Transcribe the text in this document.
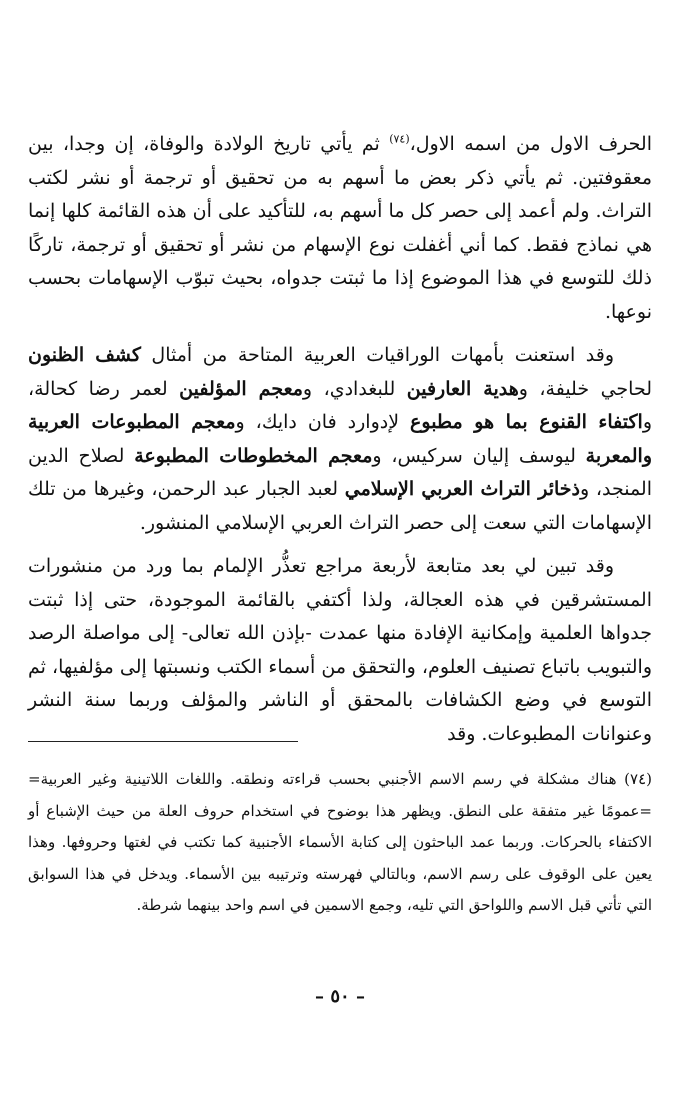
الحرف الاول من اسمه الاول،$^{(٧٤)}$ ثم يأتي تاريخ الولادة والوفاة، إن وجدا، بين معقوفتين. ثم يأتي ذكر بعض ما أسهم به من تحقيق أو ترجمة أو نشر لكتب التراث. ولم أعمد إلى حصر كل ما أسهم به، للتأكيد على أن هذه القائمة كلها إنما هي نماذج فقط. كما أني أغفلت نوع الإسهام من نشر أو تحقيق أو ترجمة، تاركًا ذلك للتوسع في هذا الموضوع إذا ما ثبتت جدواه، بحيث تبوّب الإسهامات بحسب نوعها.

وقد استعنت بأمهات الوراقيات العربية المتاحة من أمثال كشف الظنون لحاجي خليفة، وهدية العارفين للبغدادي، ومعجم المؤلفين لعمر رضا كحالة، واكتفاء القنوع بما هو مطبوع لإدوارد فان دايك، ومعجم المطبوعات العربية والمعربة ليوسف إليان سركيس، ومعجم المخطوطات المطبوعة لصلاح الدين المنجد، وذخائر التراث العربي الإسلامي لعبد الجبار عبد الرحمن، وغيرها من تلك الإسهامات التي سعت إلى حصر التراث العربي الإسلامي المنشور.

وقد تبين لي بعد متابعة لأربعة مراجع تعذُّر الإلمام بما ورد من منشورات المستشرقين في هذه العجالة، ولذا أكتفي بالقائمة الموجودة، حتى إذا ثبتت جدواها العلمية وإمكانية الإفادة منها عمدت -بإذن الله تعالى- إلى مواصلة الرصد والتبويب باتباع تصنيف العلوم، والتحقق من أسماء الكتب ونسبتها إلى مؤلفيها، ثم التوسع في وضع الكشافات بالمحقق أو الناشر والمؤلف وربما سنة النشر وعنوانات المطبوعات. وقد

(٧٤) هناك مشكلة في رسم الاسم الأجنبي بحسب قراءته ونطقه. واللغات اللاتينية وغير العربية= =عمومًا غير متفقة على النطق. ويظهر هذا بوضوح في استخدام حروف العلة من حيث الإشباع أو الاكتفاء بالحركات. وربما عمد الباحثون إلى كتابة الأسماء الأجنبية كما تكتب في لغتها وحروفها. وهذا يعين على الوقوف على رسم الاسم، وبالتالي فهرسته وترتيبه بين الأسماء. ويدخل في هذا السوابق التي تأتي قبل الاسم واللواحق التي تليه، وجمع الاسمين في اسم واحد بينهما شرطة.

– ٥٠ –
